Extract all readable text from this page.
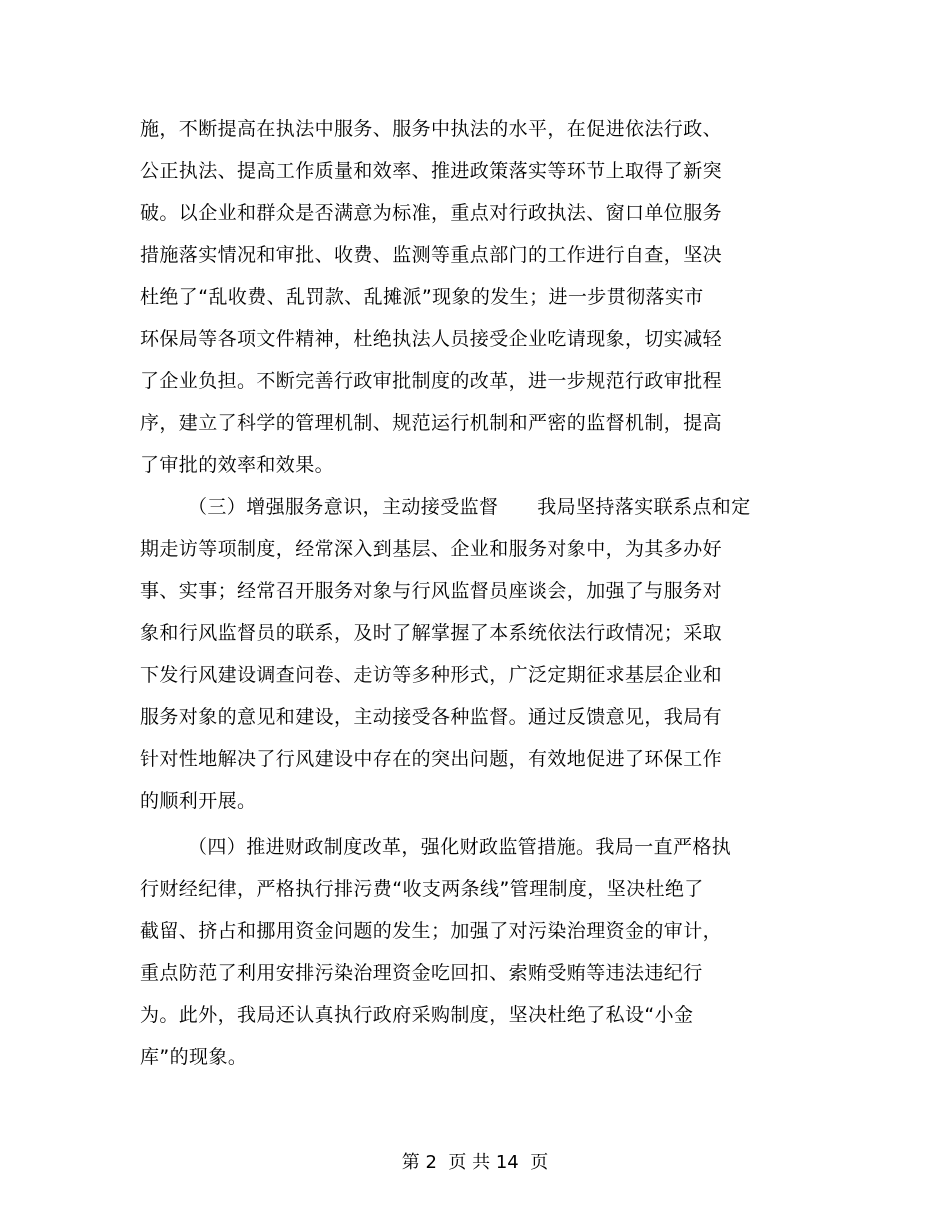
施，不断提高在执法中服务、服务中执法的水平，在促进依法行政、
公正执法、提高工作质量和效率、推进政策落实等环节上取得了新突
破。以企业和群众是否满意为标准，重点对行政执法、窗口单位服务
措施落实情况和审批、收费、监测等重点部门的工作进行自查，坚决
杜绝了“乱收费、乱罚款、乱摊派”现象的发生；进一步贯彻落实市
环保局等各项文件精神，杜绝执法人员接受企业吃请现象，切实减轻
了企业负担。不断完善行政审批制度的改革，进一步规范行政审批程
序，建立了科学的管理机制、规范运行机制和严密的监督机制，提高
了审批的效率和效果。
（三）增强服务意识，主动接受监督　　我局坚持落实联系点和定
期走访等项制度，经常深入到基层、企业和服务对象中，为其多办好
事、实事；经常召开服务对象与行风监督员座谈会，加强了与服务对
象和行风监督员的联系，及时了解掌握了本系统依法行政情况；采取
下发行风建设调查问卷、走访等多种形式，广泛定期征求基层企业和
服务对象的意见和建设，主动接受各种监督。通过反馈意见，我局有
针对性地解决了行风建设中存在的突出问题，有效地促进了环保工作
的顺利开展。
（四）推进财政制度改革，强化财政监管措施。我局一直严格执
行财经纪律，严格执行排污费“收支两条线”管理制度，坚决杜绝了
截留、挤占和挪用资金问题的发生；加强了对污染治理资金的审计，
重点防范了利用安排污染治理资金吃回扣、索贿受贿等违法违纪行
为。此外，我局还认真执行政府采购制度，坚决杜绝了私设“小金
库”的现象。
第 2  页 共 14  页
